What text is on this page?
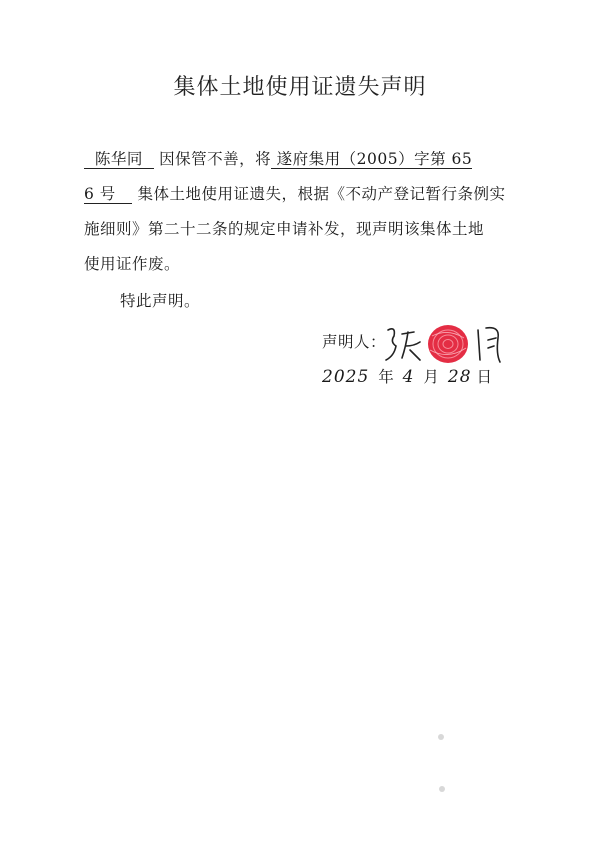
集体土地使用证遗失声明
陈华同 因保管不善，将 遂府集用（2005）字第 65
6 号 集体土地使用证遗失，根据《不动产登记暂行条例实
施细则》第二十二条的规定申请补发，现声明该集体土地
使用证作废。
特此声明。
声明人：
2025 年 4 月 28 日
